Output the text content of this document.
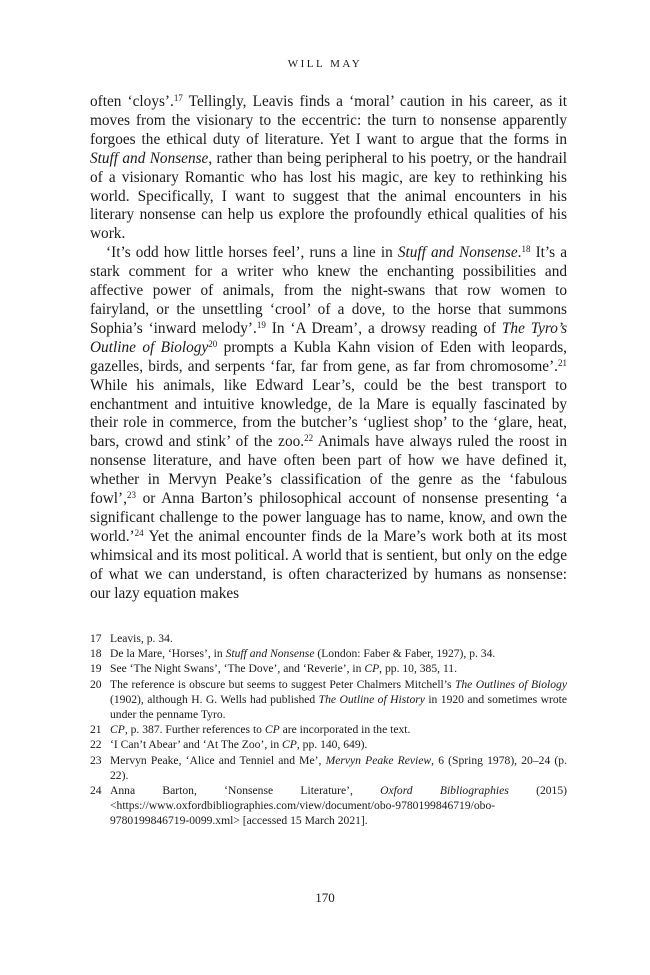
WILL MAY

often ‘cloys’.$^{17}$ Tellingly, Leavis finds a ‘moral’ caution in his career, as it moves from the visionary to the eccentric: the turn to nonsense apparently forgoes the ethical duty of literature. Yet I want to argue that the forms in Stuff and Nonsense, rather than being peripheral to his poetry, or the handrail of a visionary Romantic who has lost his magic, are key to rethinking his world. Specifically, I want to suggest that the animal encounters in his literary nonsense can help us explore the profoundly ethical qualities of his work.

‘It’s odd how little horses feel’, runs a line in Stuff and Nonsense.$^{18}$ It’s a stark comment for a writer who knew the enchanting possibilities and affective power of animals, from the night-swans that row women to fairyland, or the unsettling ‘crool’ of a dove, to the horse that summons Sophia’s ‘inward melody’.$^{19}$ In ‘A Dream’, a drowsy reading of The Tyro’s Outline of Biology$^{20}$ prompts a Kubla Kahn vision of Eden with leopards, gazelles, birds, and serpents ‘far, far from gene, as far from chromosome’.$^{21}$ While his animals, like Edward Lear’s, could be the best transport to enchantment and intuitive knowledge, de la Mare is equally fascinated by their role in commerce, from the butcher’s ‘ugliest shop’ to the ‘glare, heat, bars, crowd and stink’ of the zoo.$^{22}$ Animals have always ruled the roost in nonsense literature, and have often been part of how we have defined it, whether in Mervyn Peake’s classification of the genre as the ‘fabulous fowl’,$^{23}$ or Anna Barton’s philosophical account of nonsense presenting ‘a significant challenge to the power language has to name, know, and own the world.’$^{24}$ Yet the animal encounter finds de la Mare’s work both at its most whimsical and its most political. A world that is sentient, but only on the edge of what we can understand, is often characterized by humans as nonsense: our lazy equation makes

17 Leavis, p. 34.
18 De la Mare, ‘Horses’, in Stuff and Nonsense (London: Faber & Faber, 1927), p. 34.
19 See ‘The Night Swans’, ‘The Dove’, and ‘Reverie’, in CP, pp. 10, 385, 11.
20 The reference is obscure but seems to suggest Peter Chalmers Mitchell’s The Outlines of Biology (1902), although H. G. Wells had published The Outline of History in 1920 and sometimes wrote under the penname Tyro.
21 CP, p. 387. Further references to CP are incorporated in the text.
22 ‘I Can’t Abear’ and ‘At The Zoo’, in CP, pp. 140, 649).
23 Mervyn Peake, ‘Alice and Tenniel and Me’, Mervyn Peake Review, 6 (Spring 1978), 20–24 (p. 22).
24 Anna Barton, ‘Nonsense Literature’, Oxford Bibliographies (2015) <https://www.oxfordbibliographies.com/view/document/obo-9780199846719/obo-9780199846719-0099.xml> [accessed 15 March 2021].
170
